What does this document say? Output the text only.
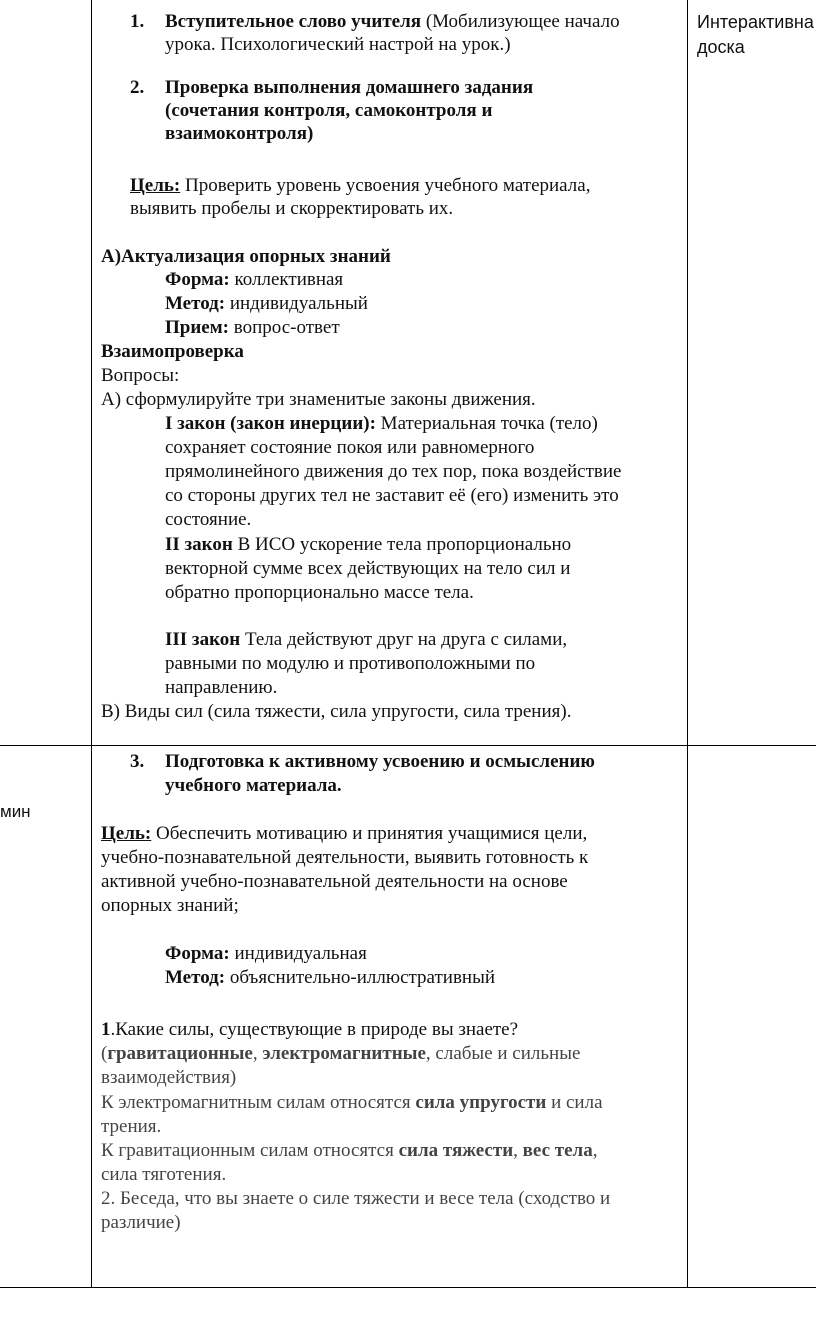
1. Вступительное слово учителя (Мобилизующее начало
урока. Психологический настрой на урок.)
2. Проверка выполнения домашнего задания
(сочетания контроля, самоконтроля и
взаимоконтроля)
Цель: Проверить уровень усвоения учебного материала,
выявить пробелы и скорректировать их.
А)Актуализация опорных знаний
Форма: коллективная
Метод: индивидуальный
Прием: вопрос-ответ
Взаимопроверка
Вопросы:
А) сформулируйте три знаменитые законы движения.
I закон (закон инерции): Материальная точка (тело)
сохраняет состояние покоя или равномерного
прямолинейного движения до тех пор, пока воздействие
со стороны других тел не заставит её (его) изменить это
состояние.
II закон В ИСО ускорение тела пропорционально
векторной сумме всех действующих на тело сил и
обратно пропорционально массе тела.
III закон Тела действуют друг на друга с силами,
равными по модулю и противоположными по
направлению.
В) Виды сил (сила тяжести, сила упругости, сила трения).
Интерактивна
доска
мин
3. Подготовка к активному усвоению и осмыслению
учебного материала.
Цель: Обеспечить мотивацию и принятия учащимися цели,
учебно-познавательной деятельности, выявить готовность к
активной учебно-познавательной деятельности на основе
опорных знаний;
Форма: индивидуальная
Метод: объяснительно-иллюстративный
1.Какие силы, существующие в природе вы знаете?
(гравитационные, электромагнитные, слабые и сильные
взаимодействия)
К электромагнитным силам относятся сила упругости и сила
трения.
К гравитационным силам относятся сила тяжести, вес тела,
сила тяготения.
2. Беседа, что вы знаете о силе тяжести и весе тела (сходство и
различие)
